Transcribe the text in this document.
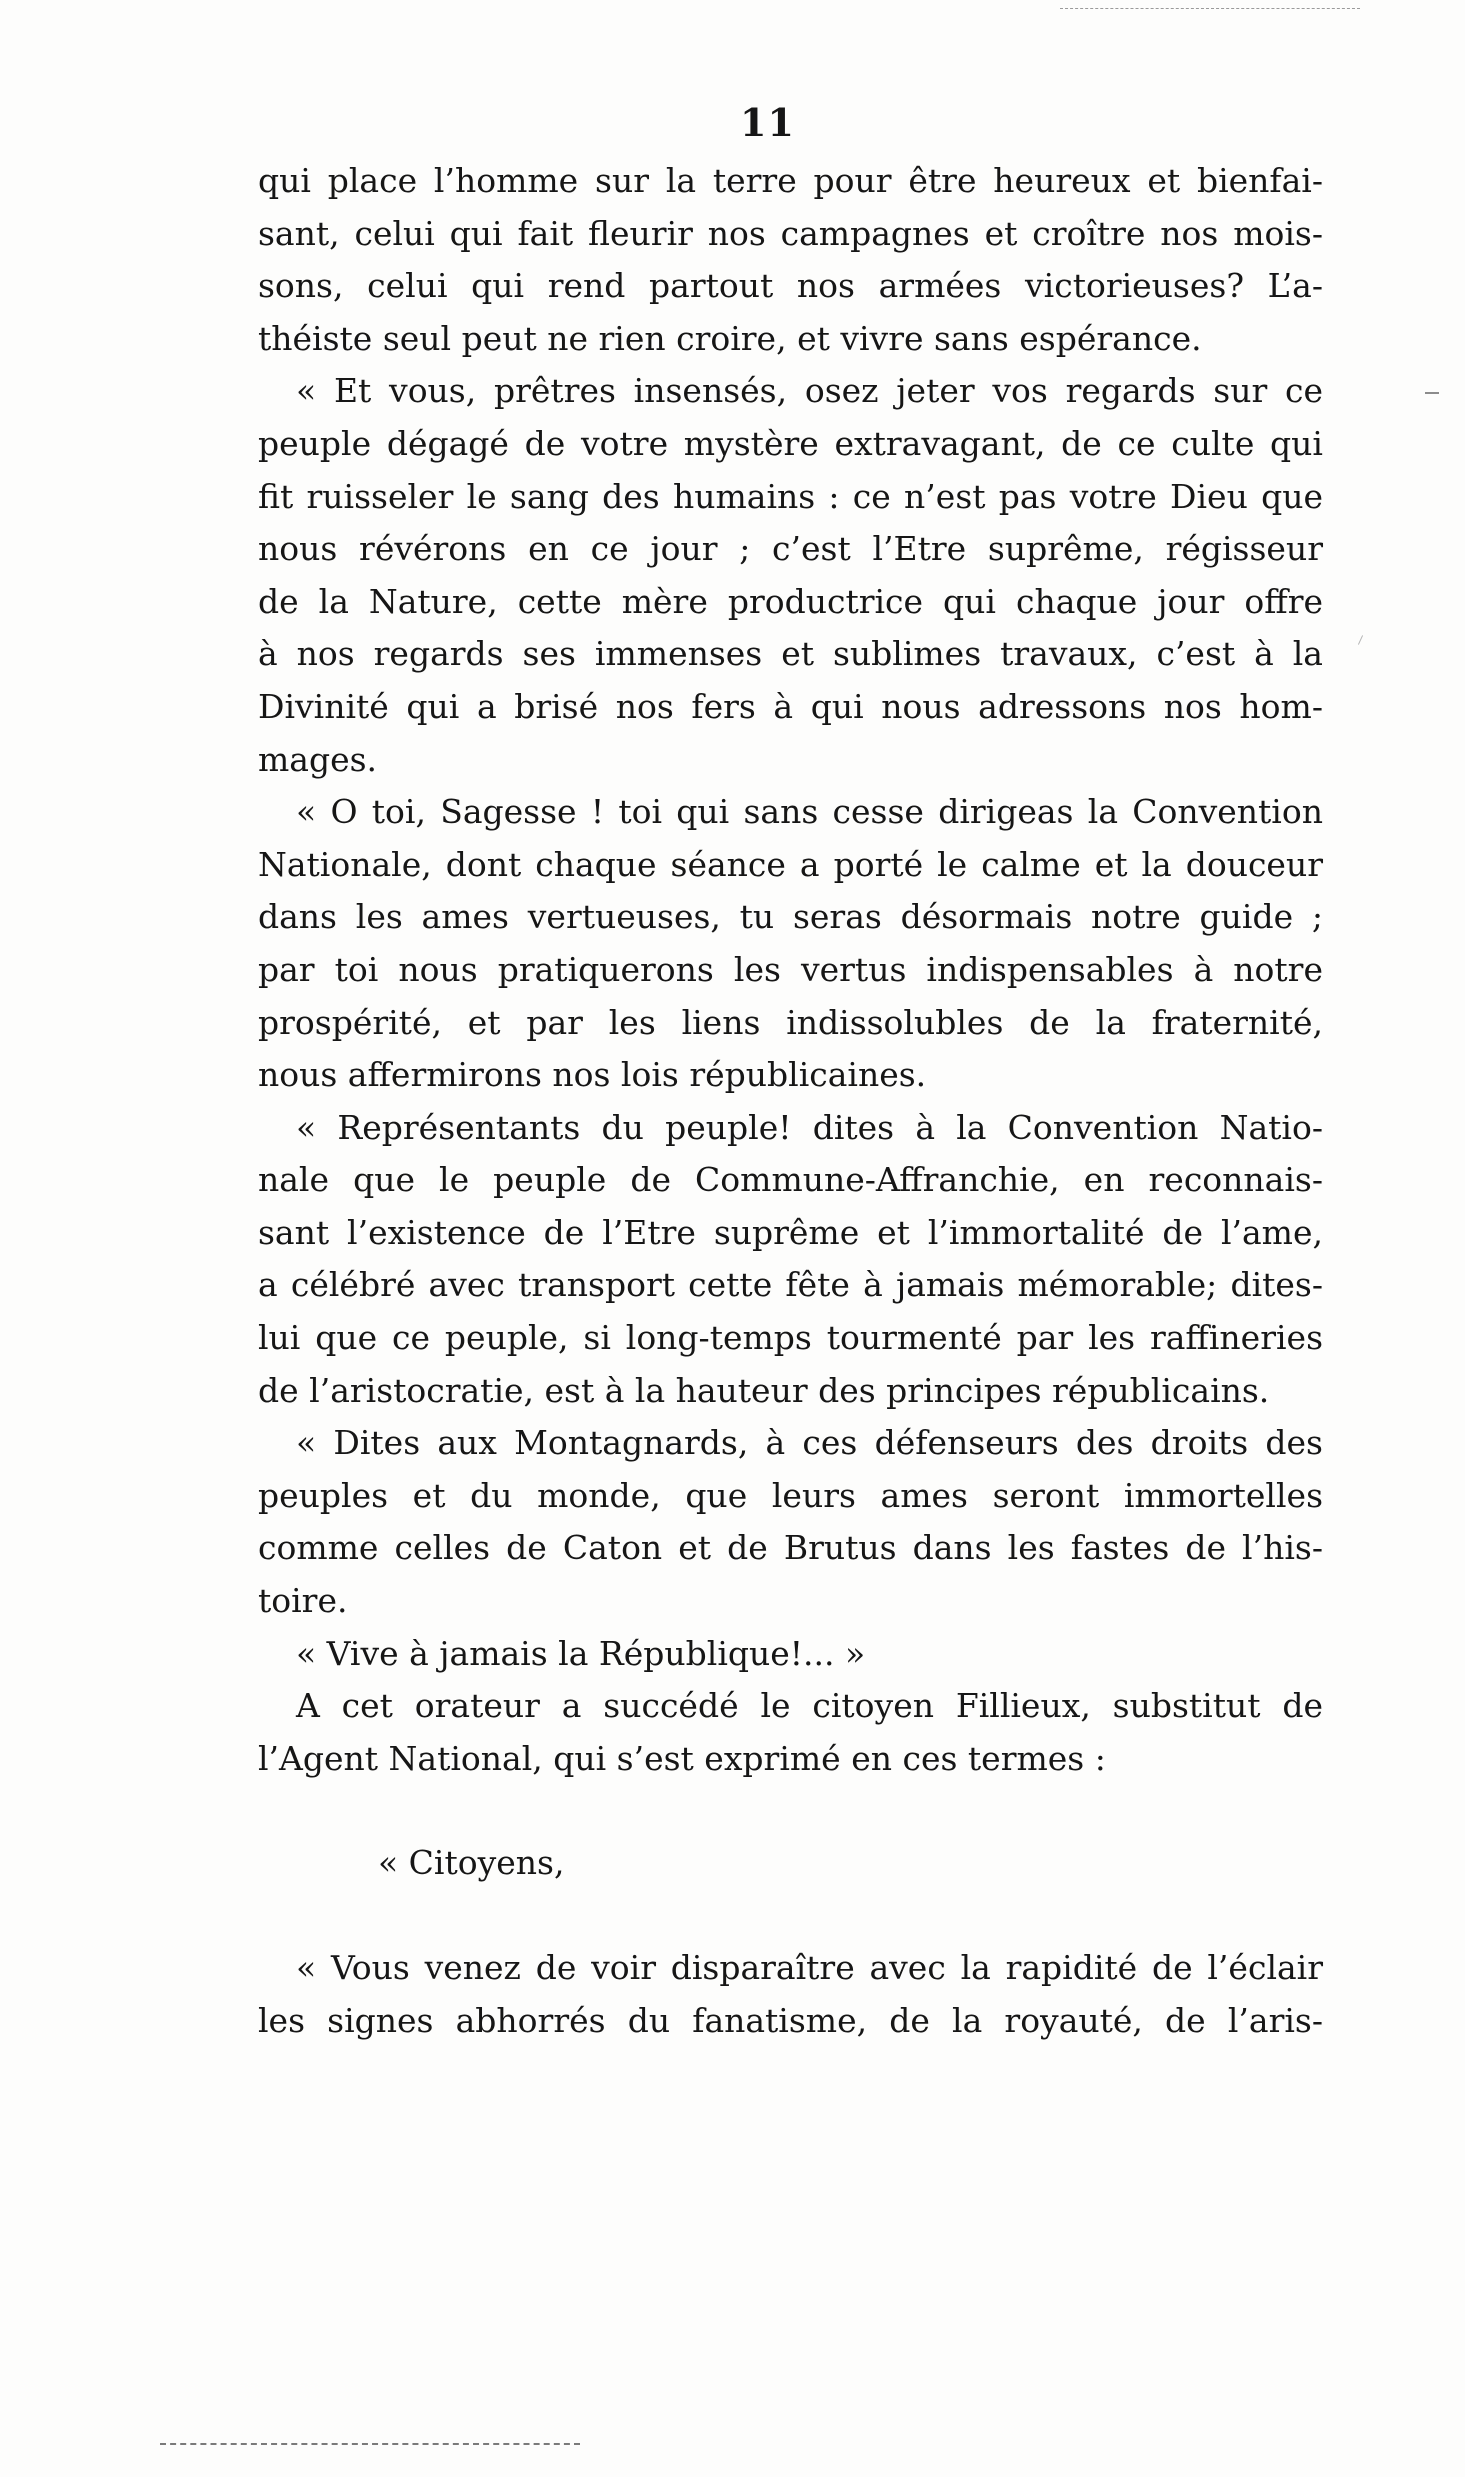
11
qui place l’homme sur la terre pour être heureux et bienfai-
sant, celui qui fait fleurir nos campagnes et croître nos mois-
sons, celui qui rend partout nos armées victorieuses? L’a-
théiste seul peut ne rien croire, et vivre sans espérance.
« Et vous, prêtres insensés, osez jeter vos regards sur ce
peuple dégagé de votre mystère extravagant, de ce culte qui
fit ruisseler le sang des humains : ce n’est pas votre Dieu que
nous révérons en ce jour ; c’est l’Etre suprême, régisseur
de la Nature, cette mère productrice qui chaque jour offre
à nos regards ses immenses et sublimes travaux, c’est à la
Divinité qui a brisé nos fers à qui nous adressons nos hom-
mages.
« O toi, Sagesse ! toi qui sans cesse dirigeas la Convention
Nationale, dont chaque séance a porté le calme et la douceur
dans les ames vertueuses, tu seras désormais notre guide ;
par toi nous pratiquerons les vertus indispensables à notre
prospérité, et par les liens indissolubles de la fraternité,
nous affermirons nos lois républicaines.
« Représentants du peuple! dites à la Convention Natio-
nale que le peuple de Commune-Affranchie, en reconnais-
sant l’existence de l’Etre suprême et l’immortalité de l’ame,
a célébré avec transport cette fête à jamais mémorable; dites-
lui que ce peuple, si long-temps tourmenté par les raffineries
de l’aristocratie, est à la hauteur des principes républicains.
« Dites aux Montagnards, à ces défenseurs des droits des
peuples et du monde, que leurs ames seront immortelles
comme celles de Caton et de Brutus dans les fastes de l’his-
toire.
« Vive à jamais la République!... »
A cet orateur a succédé le citoyen Fillieux, substitut de
l’Agent National, qui s’est exprimé en ces termes :
« Citoyens,
« Vous venez de voir disparaître avec la rapidité de l’éclair
les signes abhorrés du fanatisme, de la royauté, de l’aris-
